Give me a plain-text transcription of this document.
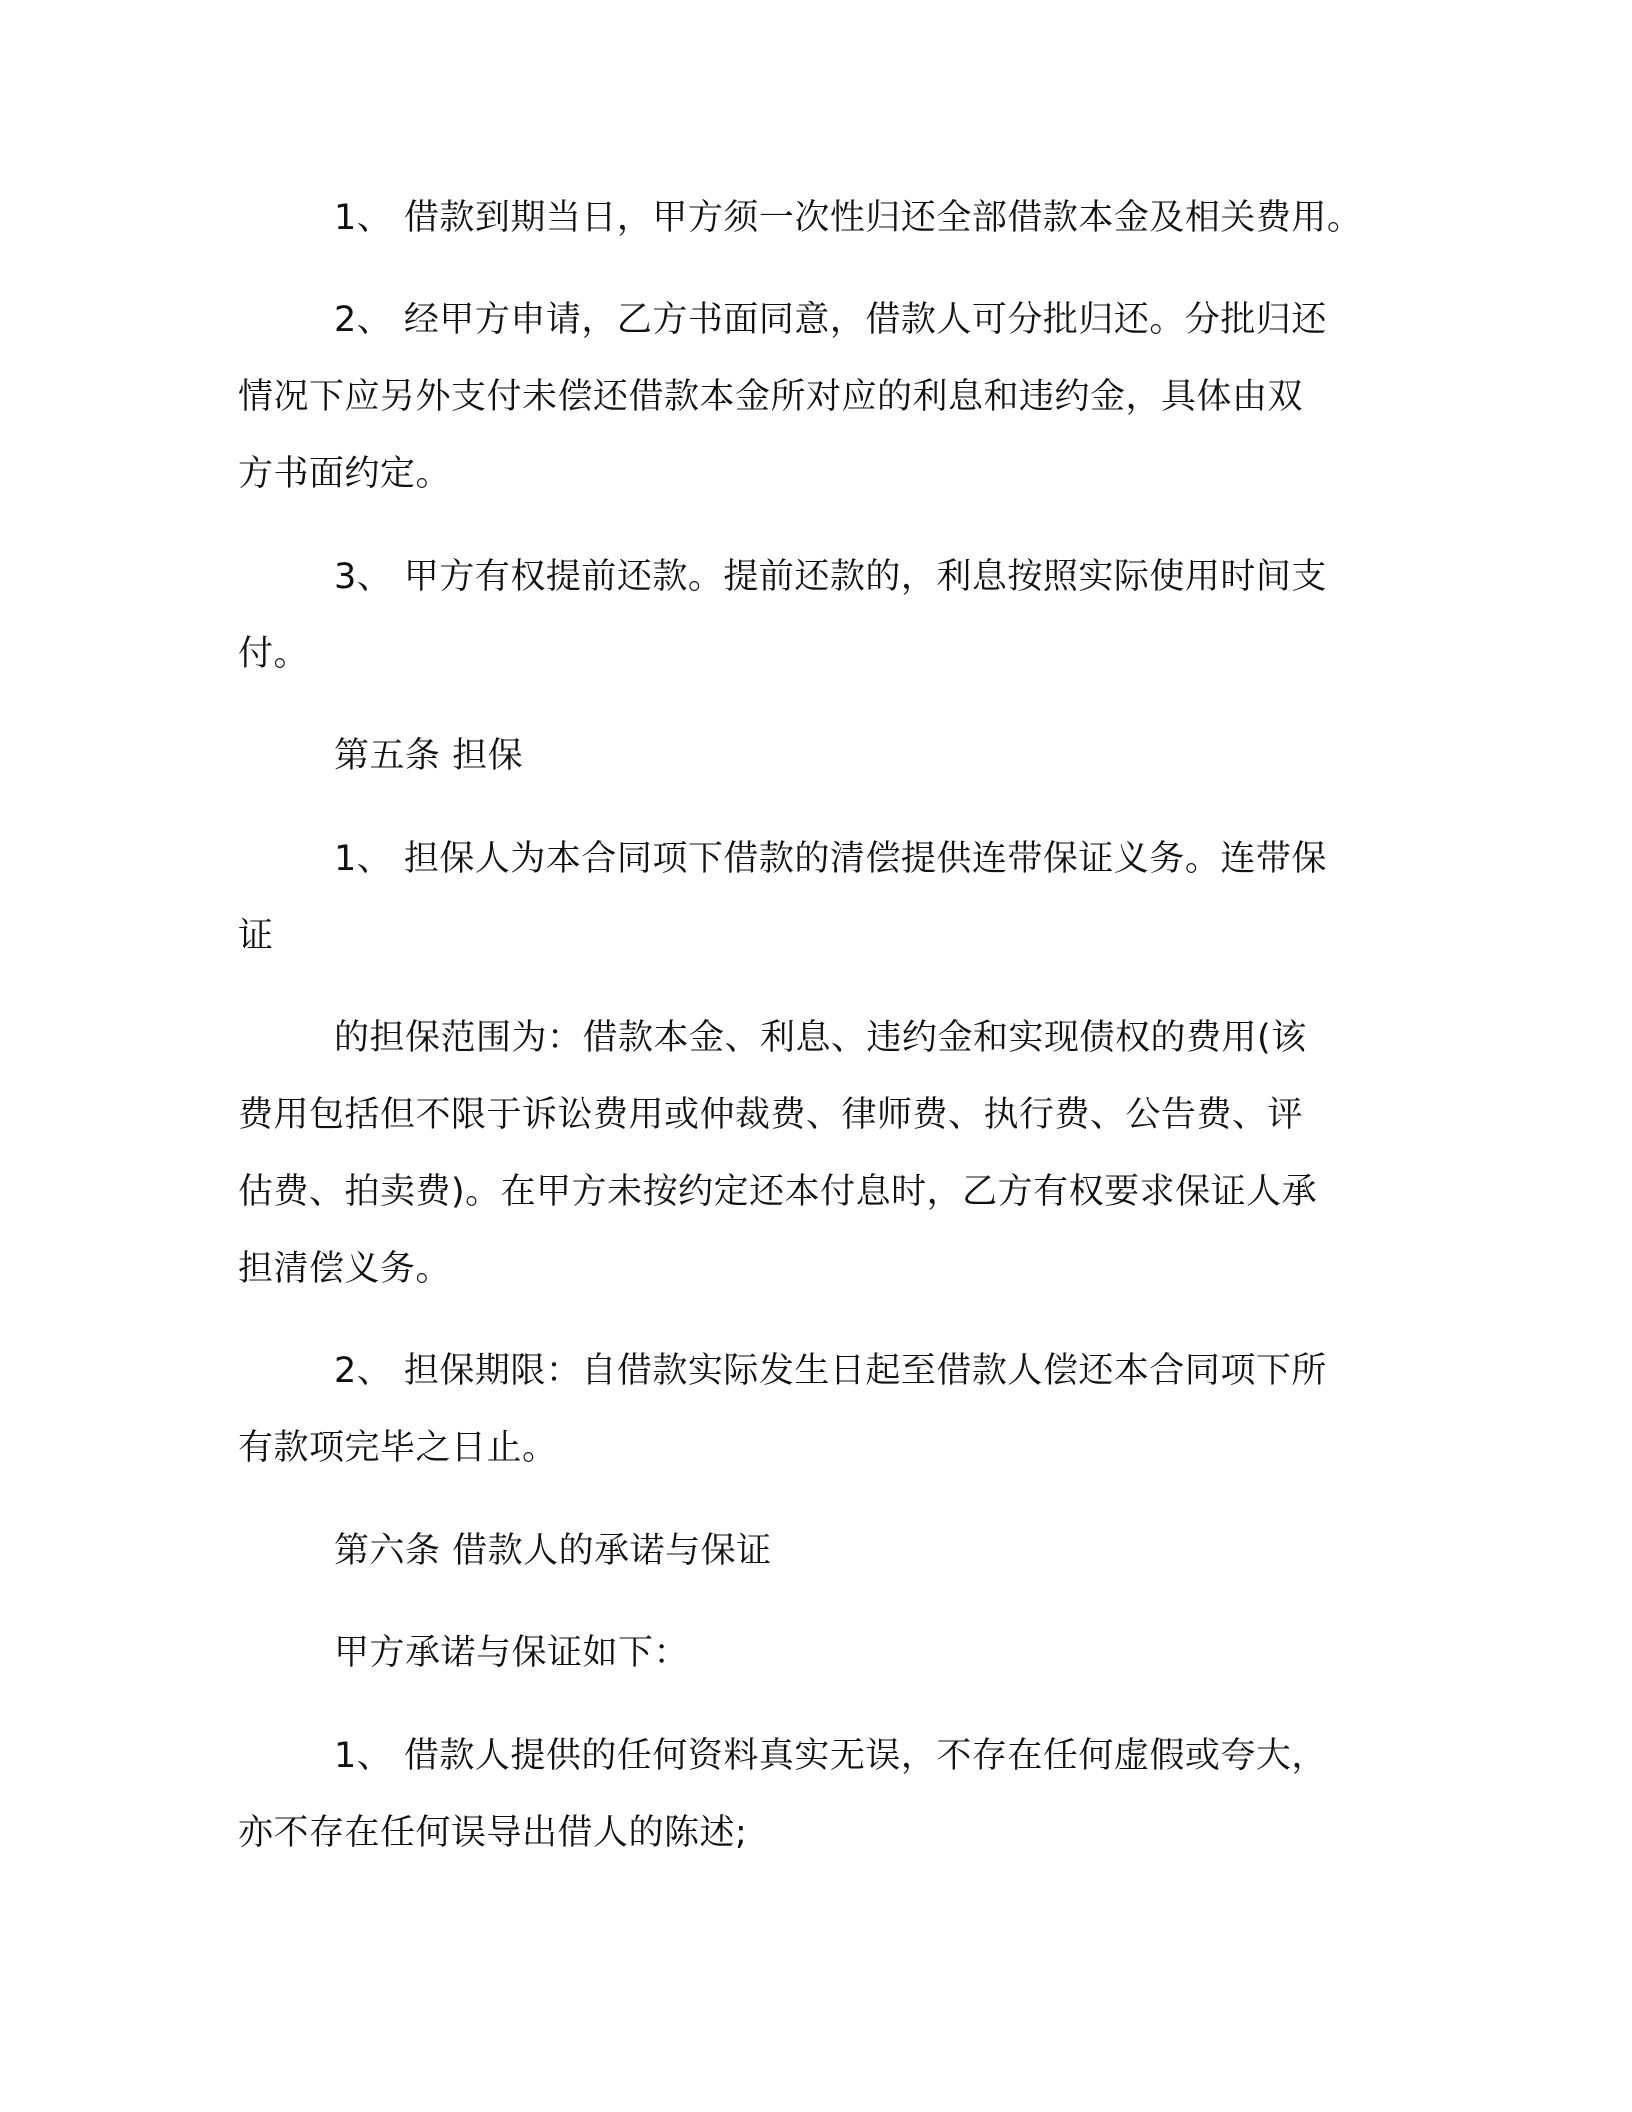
1、 借款到期当日，甲方须一次性归还全部借款本金及相关费用。
2、 经甲方申请，乙方书面同意，借款人可分批归还。分批归还
情况下应另外支付未偿还借款本金所对应的利息和违约金，具体由双
方书面约定。
3、 甲方有权提前还款。提前还款的，利息按照实际使用时间支
付。
第五条 担保
1、 担保人为本合同项下借款的清偿提供连带保证义务。连带保
证
的担保范围为：借款本金、利息、违约金和实现债权的费用(该
费用包括但不限于诉讼费用或仲裁费、律师费、执行费、公告费、评
估费、拍卖费)。在甲方未按约定还本付息时，乙方有权要求保证人承
担清偿义务。
2、 担保期限：自借款实际发生日起至借款人偿还本合同项下所
有款项完毕之日止。
第六条 借款人的承诺与保证
甲方承诺与保证如下：
1、 借款人提供的任何资料真实无误，不存在任何虚假或夸大，
亦不存在任何误导出借人的陈述;
